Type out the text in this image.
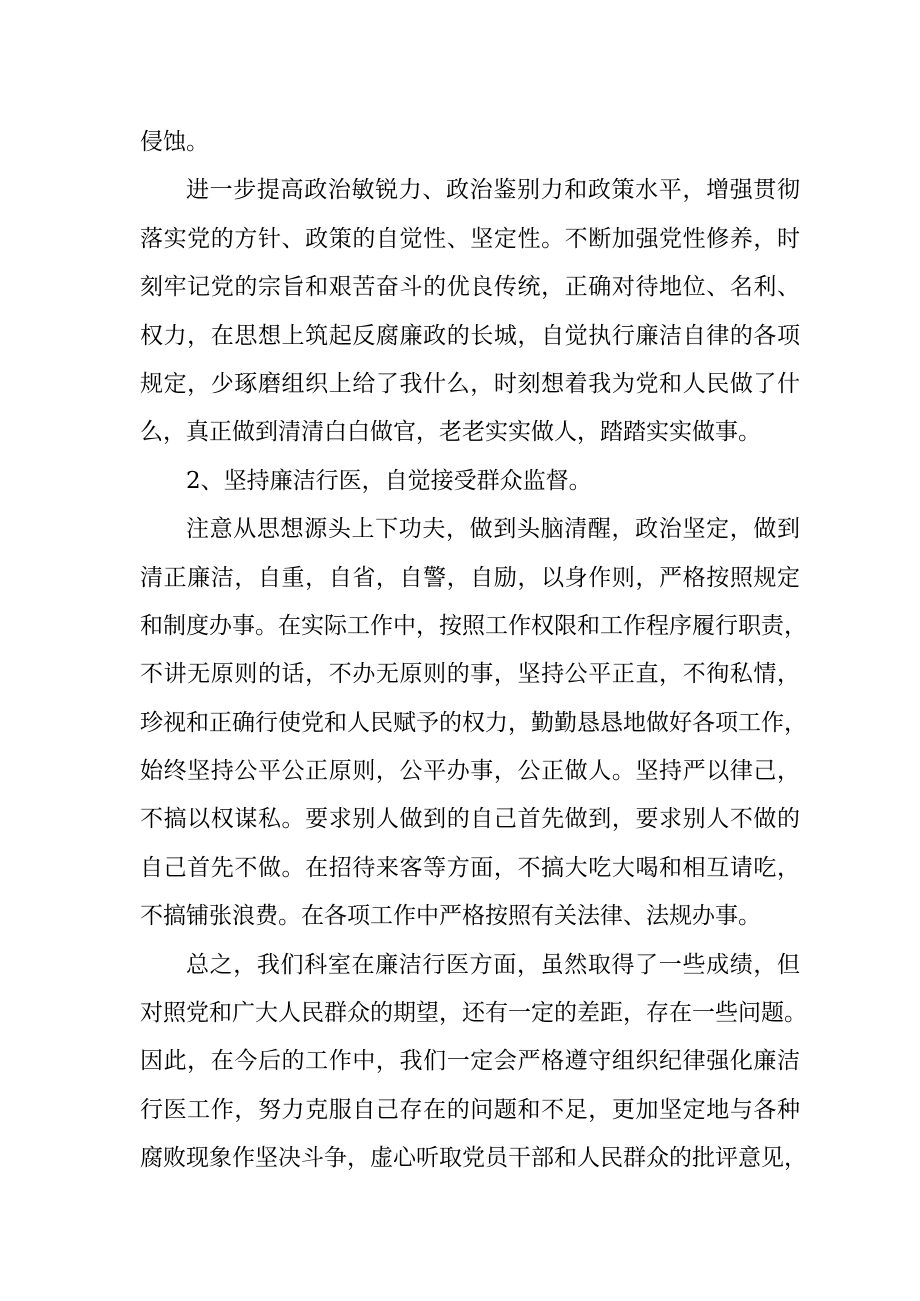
侵蚀。
进一步提高政治敏锐力、政治鉴别力和政策水平，增强贯彻
落实党的方针、政策的自觉性、坚定性。不断加强党性修养，时
刻牢记党的宗旨和艰苦奋斗的优良传统，正确对待地位、名利、
权力，在思想上筑起反腐廉政的长城，自觉执行廉洁自律的各项
规定，少琢磨组织上给了我什么，时刻想着我为党和人民做了什
么，真正做到清清白白做官，老老实实做人，踏踏实实做事。
2、坚持廉洁行医，自觉接受群众监督。
注意从思想源头上下功夫，做到头脑清醒，政治坚定，做到
清正廉洁，自重，自省，自警，自励，以身作则，严格按照规定
和制度办事。在实际工作中，按照工作权限和工作程序履行职责，
不讲无原则的话，不办无原则的事，坚持公平正直，不徇私情，
珍视和正确行使党和人民赋予的权力，勤勤恳恳地做好各项工作，
始终坚持公平公正原则，公平办事，公正做人。坚持严以律己，
不搞以权谋私。要求别人做到的自己首先做到，要求别人不做的
自己首先不做。在招待来客等方面，不搞大吃大喝和相互请吃，
不搞铺张浪费。在各项工作中严格按照有关法律、法规办事。
总之，我们科室在廉洁行医方面，虽然取得了一些成绩，但
对照党和广大人民群众的期望，还有一定的差距，存在一些问题。
因此，在今后的工作中，我们一定会严格遵守组织纪律强化廉洁
行医工作，努力克服自己存在的问题和不足，更加坚定地与各种
腐败现象作坚决斗争，虚心听取党员干部和人民群众的批评意见，
